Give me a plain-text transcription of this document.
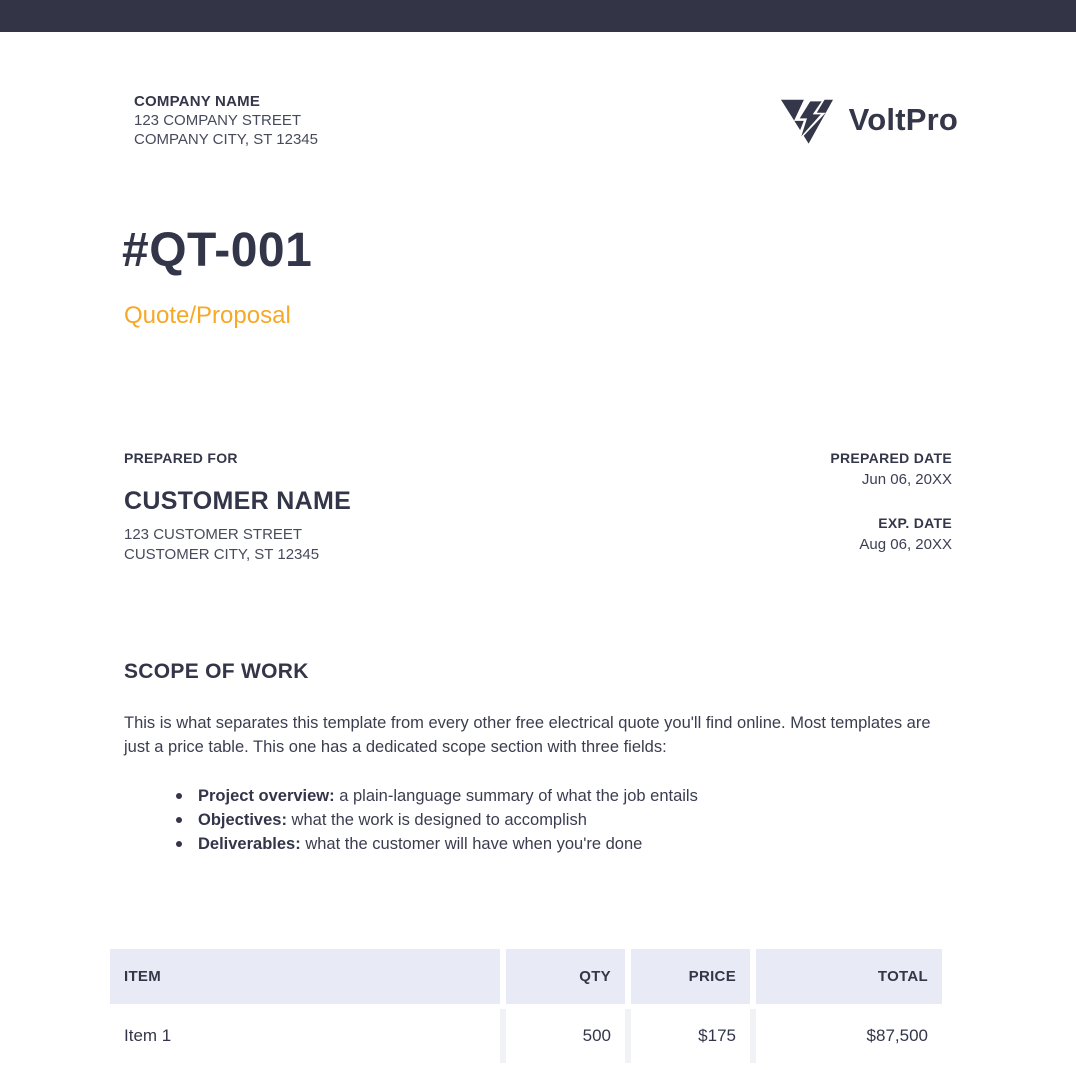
COMPANY NAME
123 COMPANY STREET
COMPANY CITY, ST 12345
VoltPro
#QT-001
Quote/Proposal
PREPARED FOR
CUSTOMER NAME
123 CUSTOMER STREET
CUSTOMER CITY, ST 12345
PREPARED DATE
Jun 06, 20XX
EXP. DATE
Aug 06, 20XX
SCOPE OF WORK
This is what separates this template from every other free electrical quote you'll find online. Most templates are just a price table. This one has a dedicated scope section with three fields:
Project overview: a plain-language summary of what the job entails
Objectives: what the work is designed to accomplish
Deliverables: what the customer will have when you're done
ITEM	QTY	PRICE	TOTAL
Item 1	500	$175	$87,500
